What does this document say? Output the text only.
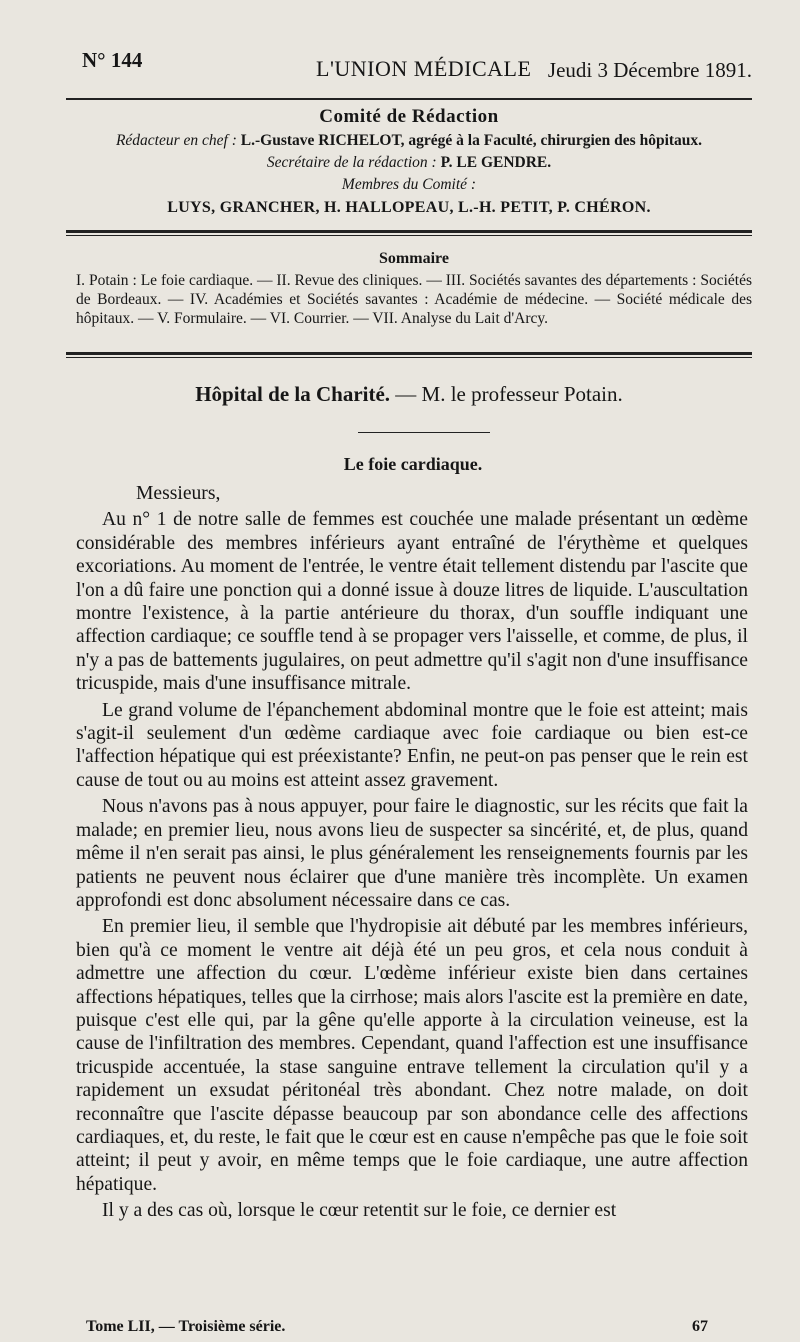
N° 144	L'UNION MÉDICALE Jeudi 3 Décembre 1891.
Comité de Rédaction
Rédacteur en chef : L.-Gustave RICHELOT, agrégé à la Faculté, chirurgien des hôpitaux.
Secrétaire de la rédaction : P. LE GENDRE.
Membres du Comité :
LUYS, GRANCHER, H. HALLOPEAU, L.-H. PETIT, P. CHÉRON.
Sommaire
I. Potain : Le foie cardiaque. — II. Revue des cliniques. — III. Sociétés savantes des départements : Sociétés de Bordeaux. — IV. Académies et Sociétés savantes : Académie de médecine. — Société médicale des hôpitaux. — V. Formulaire. — VI. Courrier. — VII. Analyse du Lait d'Arcy.
Hôpital de la Charité. — M. le professeur Potain.
Le foie cardiaque.

Messieurs,

Au n° 1 de notre salle de femmes est couchée une malade présentant un œdème considérable des membres inférieurs ayant entraîné de l'érythème et quelques excoriations. Au moment de l'entrée, le ventre était tellement distendu par l'ascite que l'on a dû faire une ponction qui a donné issue à douze litres de liquide. L'auscultation montre l'existence, à la partie antérieure du thorax, d'un souffle indiquant une affection cardiaque; ce souffle tend à se propager vers l'aisselle, et comme, de plus, il n'y a pas de battements jugulaires, on peut admettre qu'il s'agit non d'une insuffisance tricuspide, mais d'une insuffisance mitrale.

Le grand volume de l'épanchement abdominal montre que le foie est atteint; mais s'agit-il seulement d'un œdème cardiaque avec foie cardiaque ou bien est-ce l'affection hépatique qui est préexistante? Enfin, ne peut-on pas penser que le rein est cause de tout ou au moins est atteint assez gravement.

Nous n'avons pas à nous appuyer, pour faire le diagnostic, sur les récits que fait la malade; en premier lieu, nous avons lieu de suspecter sa sincérité, et, de plus, quand même il n'en serait pas ainsi, le plus généralement les renseignements fournis par les patients ne peuvent nous éclairer que d'une manière très incomplète. Un examen approfondi est donc absolument nécessaire dans ce cas.

En premier lieu, il semble que l'hydropisie ait débuté par les membres inférieurs, bien qu'à ce moment le ventre ait déjà été un peu gros, et cela nous conduit à admettre une affection du cœur. L'œdème inférieur existe bien dans certaines affections hépatiques, telles que la cirrhose; mais alors l'ascite est la première en date, puisque c'est elle qui, par la gêne qu'elle apporte à la circulation veineuse, est la cause de l'infiltration des membres. Cependant, quand l'affection est une insuffisance tricuspide accentuée, la stase sanguine entrave tellement la circulation qu'il y a rapidement un exsudat péritonéal très abondant. Chez notre malade, on doit reconnaître que l'ascite dépasse beaucoup par son abondance celle des affections cardiaques, et, du reste, le fait que le cœur est en cause n'empêche pas que le foie soit atteint; il peut y avoir, en même temps que le foie cardiaque, une autre affection hépatique.

Il y a des cas où, lorsque le cœur retentit sur le foie, ce dernier est

Tome LII, — Troisième série.	67
